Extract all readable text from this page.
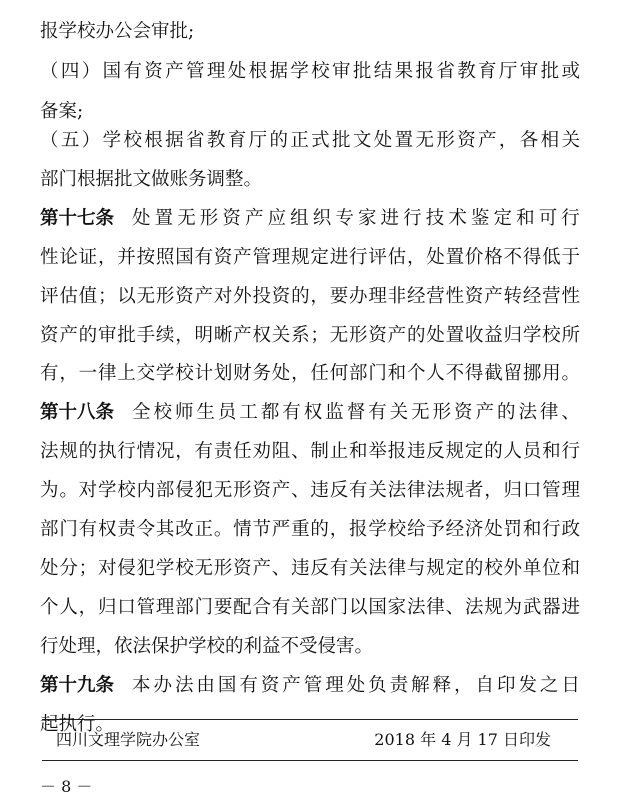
报学校办公会审批;
（ 四 ） 国 有 资 产 管 理 处 根 据 学 校 审 批 结 果 报 省 教 育 厅 审 批 或
备案;
（ 五 ） 学 校 根 据 省 教 育 厅 的 正 式 批 文 处 置 无 形 资 产 ， 各 相 关
部门根据批文做账务调整。
第十七条 处 置 无 形 资 产 应 组 织 专 家 进 行 技 术 鉴 定 和 可 行
性 论 证 ， 并 按 照 国 有 资 产 管 理 规 定 进 行 评 估 ， 处 置 价 格 不 得 低 于
评 估 值 ； 以 无 形 资 产 对 外 投 资 的 ， 要 办 理 非 经 营 性 资 产 转 经 营 性
资 产 的 审 批 手 续 ， 明 晰 产 权 关 系 ； 无 形 资 产 的 处 置 收 益 归 学 校 所
有 ， 一 律 上 交 学 校 计 划 财 务 处 ， 任 何 部 门 和 个 人 不 得 截 留 挪 用 。
第十八条 全 校 师 生 员 工 都 有 权 监 督 有 关 无 形 资 产 的 法 律 、
法 规 的 执 行 情 况 ， 有 责 任 劝 阻 、 制 止 和 举 报 违 反 规 定 的 人 员 和 行
为 。 对 学 校 内 部 侵 犯 无 形 资 产 、 违 反 有 关 法 律 法 规 者 ， 归 口 管 理
部 门 有 权 责 令 其 改 正 。 情 节 严 重 的 ， 报 学 校 给 予 经 济 处 罚 和 行 政
处 分 ； 对 侵 犯 学 校 无 形 资 产 、 违 反 有 关 法 律 与 规 定 的 校 外 单 位 和
个 人 ， 归 口 管 理 部 门 要 配 合 有 关 部 门 以 国 家 法 律 、 法 规 为 武 器 进
行处理，依法保护学校的利益不受侵害。
第十九条 本 办 法 由 国 有 资 产 管 理 处 负 责 解 释 ， 自 印 发 之 日
四川文理学院办公室	2018 年 4 月 17 日印发
－ 8 －
起执行。
